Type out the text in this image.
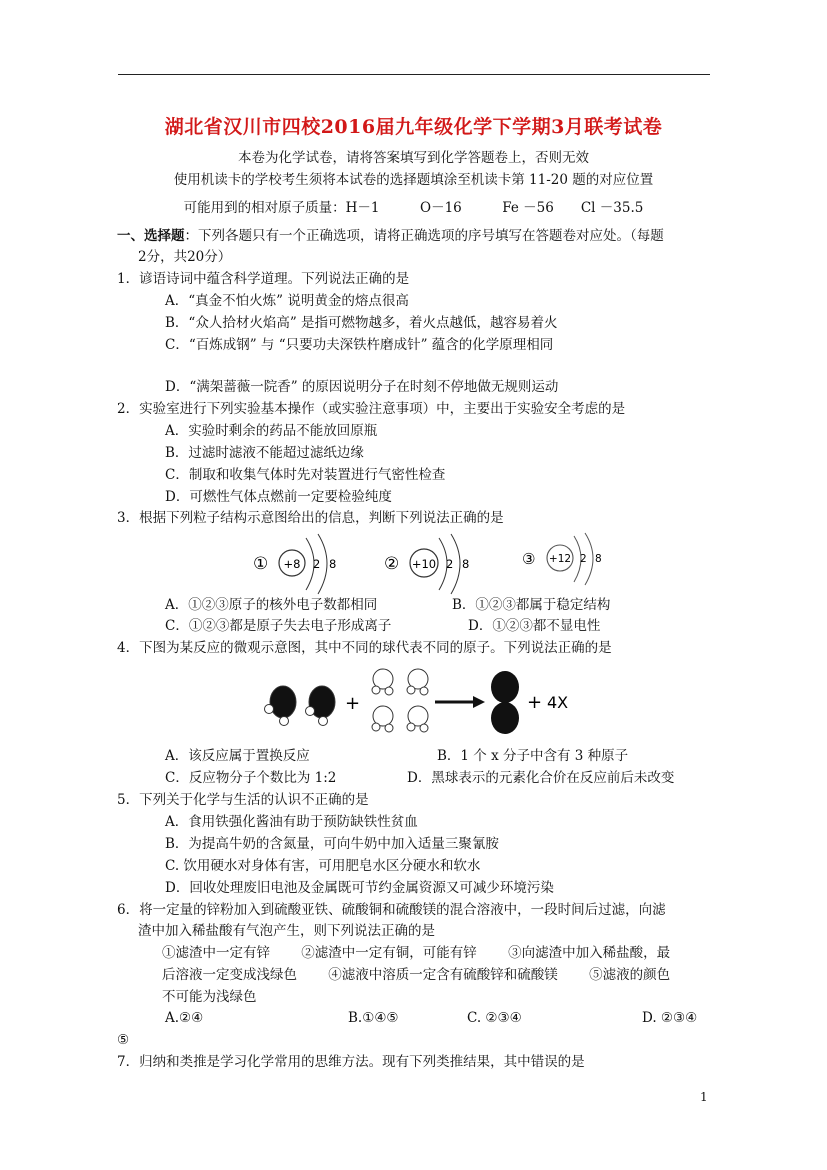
湖北省汉川市四校2016届九年级化学下学期3月联考试卷
本卷为化学试卷，请将答案填写到化学答题卷上，否则无效
使用机读卡的学校考生须将本试卷的选择题填涂至机读卡第 11-20 题的对应位置
可能用到的相对原子质量：H－1　　　O－16　　　Fe －56　　Cl －35.5
一、选择题：下列各题只有一个正确选项，请将正确选项的序号填写在答题卷对应处。（每题
2分，共20分）
1．谚语诗词中蕴含科学道理。下列说法正确的是
A．“真金不怕火炼” 说明黄金的熔点很高
B．“众人拾材火焰高” 是指可燃物越多，着火点越低，越容易着火
C．“百炼成钢” 与 “只要功夫深铁杵磨成针” 蕴含的化学原理相同
D．“满架蔷薇一院香” 的原因说明分子在时刻不停地做无规则运动
2．实验室进行下列实验基本操作（或实验注意事项）中，主要出于实验安全考虑的是
A．实验时剩余的药品不能放回原瓶
B．过滤时滤液不能超过滤纸边缘
C．制取和收集气体时先对装置进行气密性检查
D．可燃性气体点燃前一定要检验纯度
3．根据下列粒子结构示意图给出的信息，判断下列说法正确的是
① +8 2 8	② +10 2 8	③ +12 2 8
A．①②③原子的核外电子数都相同	B．①②③都属于稳定结构
C．①②③都是原子失去电子形成离子	D．①②③都不显电性
4．下图为某反应的微观示意图，其中不同的球代表不同的原子。下列说法正确的是
+	+ 4X
A．该反应属于置换反应	B．1 个 x 分子中含有 3 种原子
C．反应物分子个数比为 1:2	D．黑球表示的元素化合价在反应前后未改变
5．下列关于化学与生活的认识不正确的是
A．食用铁强化酱油有助于预防缺铁性贫血
B．为提高牛奶的含氮量，可向牛奶中加入适量三聚氰胺
C. 饮用硬水对身体有害，可用肥皂水区分硬水和软水
D．回收处理废旧电池及金属既可节约金属资源又可减少环境污染
6．将一定量的锌粉加入到硫酸亚铁、硫酸铜和硫酸镁的混合溶液中，一段时间后过滤，向滤
渣中加入稀盐酸有气泡产生，则下列说法正确的是
①滤渣中一定有锌　　 ②滤渣中一定有铜，可能有锌　　 ③向滤渣中加入稀盐酸，最
后溶液一定变成浅绿色　　 ④滤液中溶质一定含有硫酸锌和硫酸镁　　 ⑤滤液的颜色
不可能为浅绿色
A.②④	B.①④⑤	C. ②③④	D. ②③④
⑤
7．归纳和类推是学习化学常用的思维方法。现有下列类推结果，其中错误的是
1
